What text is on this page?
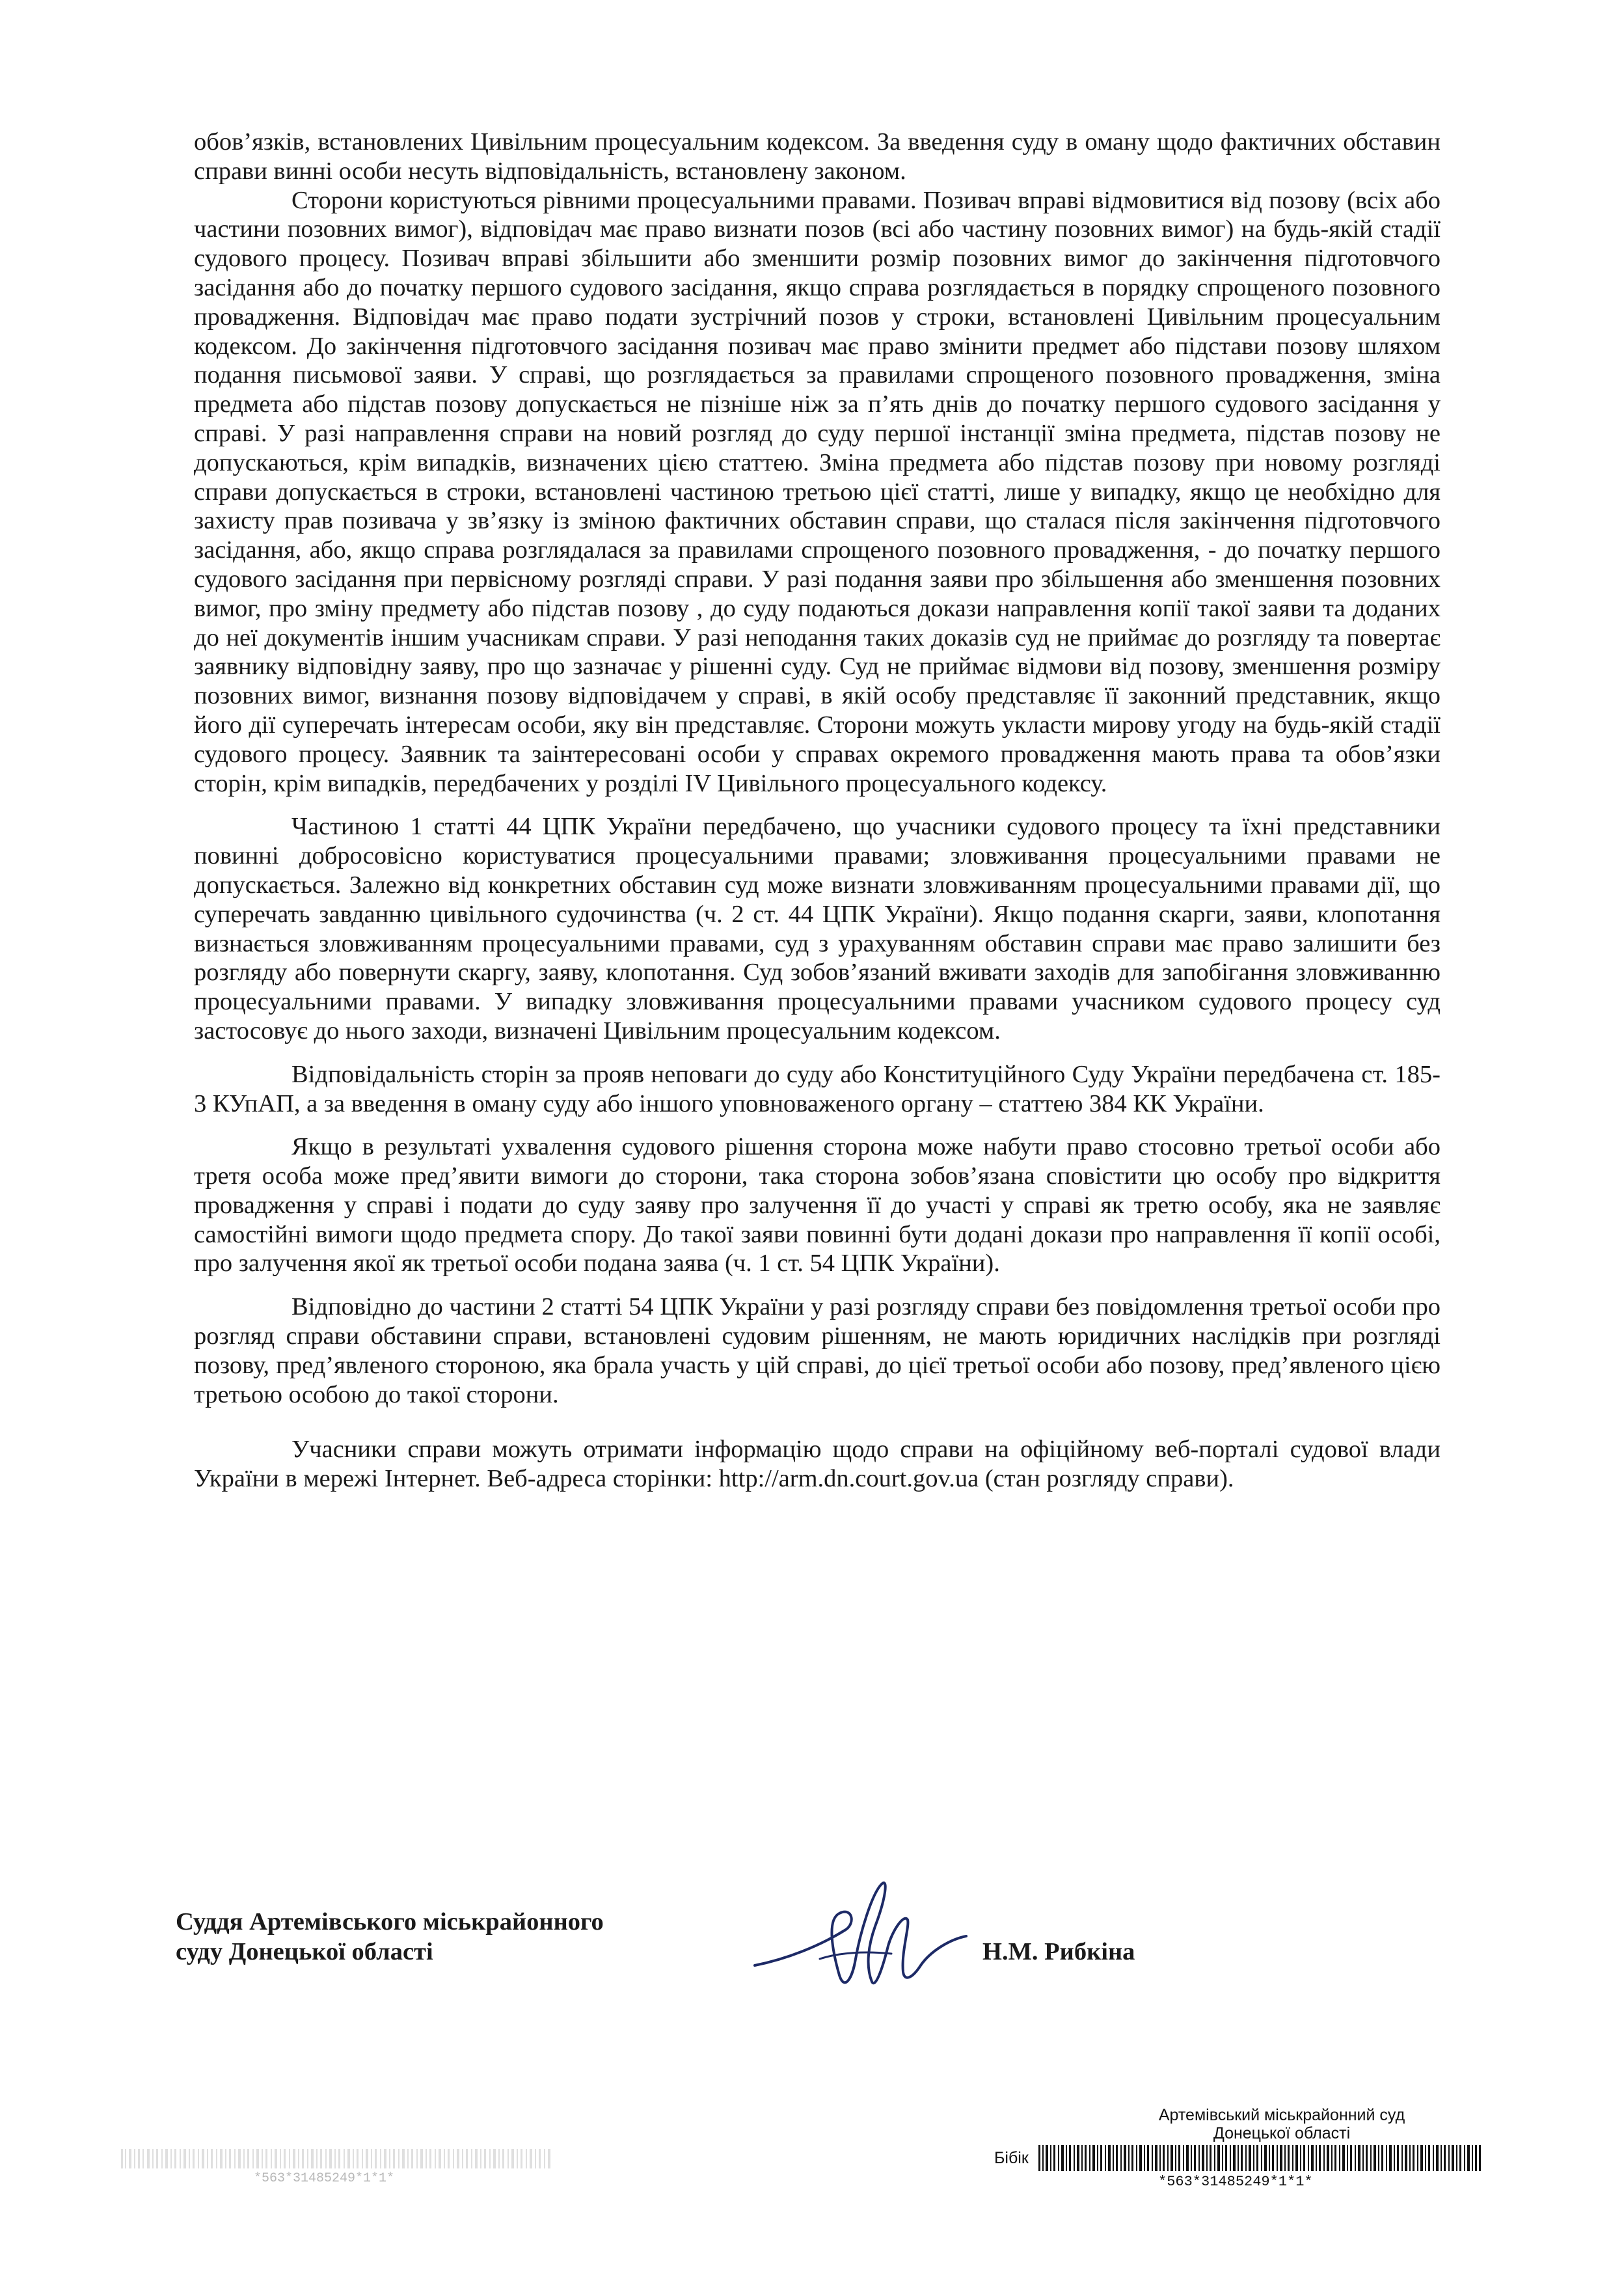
обов’язків, встановлених Цивільним процесуальним кодексом. За введення суду в оману щодо фактичних обставин справи винні особи несуть відповідальність, встановлену законом.

Сторони користуються рівними процесуальними правами. Позивач вправі відмовитися від позову (всіх або частини позовних вимог), відповідач має право визнати позов (всі або частину позовних вимог) на будь-якій стадії судового процесу. Позивач вправі збільшити або зменшити розмір позовних вимог до закінчення підготовчого засідання або до початку першого судового засідання, якщо справа розглядається в порядку спрощеного позовного провадження. Відповідач має право подати зустрічний позов у строки, встановлені Цивільним процесуальним кодексом. До закінчення підготовчого засідання позивач має право змінити предмет або підстави позову шляхом подання письмової заяви. У справі, що розглядається за правилами спрощеного позовного провадження, зміна предмета або підстав позову допускається не пізніше ніж за п’ять днів до початку першого судового засідання у справі. У разі направлення справи на новий розгляд до суду першої інстанції зміна предмета, підстав позову не допускаються, крім випадків, визначених цією статтею. Зміна предмета або підстав позову при новому розгляді справи допускається в строки, встановлені частиною третьою цієї статті, лише у випадку, якщо це необхідно для захисту прав позивача у зв’язку із зміною фактичних обставин справи, що сталася після закінчення підготовчого засідання, або, якщо справа розглядалася за правилами спрощеного позовного провадження, - до початку першого судового засідання при первісному розгляді справи. У разі подання заяви про збільшення або зменшення позовних вимог, про зміну предмету або підстав позову , до суду подаються докази направлення копії такої заяви та доданих до неї документів іншим учасникам справи. У разі неподання таких доказів суд не приймає до розгляду та повертає заявнику відповідну заяву, про що зазначає у рішенні суду. Суд не приймає відмови від позову, зменшення розміру позовних вимог, визнання позову відповідачем у справі, в якій особу представляє її законний представник, якщо його дії суперечать інтересам особи, яку він представляє. Сторони можуть укласти мирову угоду на будь-якій стадії судового процесу. Заявник та заінтересовані особи у справах окремого провадження мають права та обов’язки сторін, крім випадків, передбачених у розділі IV Цивільного процесуального кодексу.

Частиною 1 статті 44 ЦПК України передбачено, що учасники судового процесу та їхні представники повинні добросовісно користуватися процесуальними правами; зловживання процесуальними правами не допускається. Залежно від конкретних обставин суд може визнати зловживанням процесуальними правами дії, що суперечать завданню цивільного судочинства (ч. 2 ст. 44 ЦПК України). Якщо подання скарги, заяви, клопотання визнається зловживанням процесуальними правами, суд з урахуванням обставин справи має право залишити без розгляду або повернути скаргу, заяву, клопотання. Суд зобов’язаний вживати заходів для запобігання зловживанню процесуальними правами. У випадку зловживання процесуальними правами учасником судового процесу суд застосовує до нього заходи, визначені Цивільним процесуальним кодексом.

Відповідальність сторін за прояв неповаги до суду або Конституційного Суду України передбачена ст. 185-3 КУпАП, а за введення в оману суду або іншого уповноваженого органу – статтею 384 КК України.

Якщо в результаті ухвалення судового рішення сторона може набути право стосовно третьої особи або третя особа може пред’явити вимоги до сторони, така сторона зобов’язана сповістити цю особу про відкриття провадження у справі і подати до суду заяву про залучення її до участі у справі як третю особу, яка не заявляє самостійні вимоги щодо предмета спору. До такої заяви повинні бути додані докази про направлення її копії особі, про залучення якої як третьої особи подана заява (ч. 1 ст. 54 ЦПК України).

Відповідно до частини 2 статті 54 ЦПК України у разі розгляду справи без повідомлення третьої особи про розгляд справи обставини справи, встановлені судовим рішенням, не мають юридичних наслідків при розгляді позову, пред’явленого стороною, яка брала участь у цій справі, до цієї третьої особи або позову, пред’явленого цією третьою особою до такої сторони.

Учасники справи можуть отримати інформацію щодо справи на офіційному веб-порталі судової влади України в мережі Інтернет. Веб-адреса сторінки: http://arm.dn.court.gov.ua (стан розгляду справи).

Суддя Артемівського міськрайонного
суду Донецької області	Н.М. Рибкіна
*563*31485249*1*1*
Артемівський міськрайонний суд
Донецької області
Бібік
*563*31485249*1*1*
